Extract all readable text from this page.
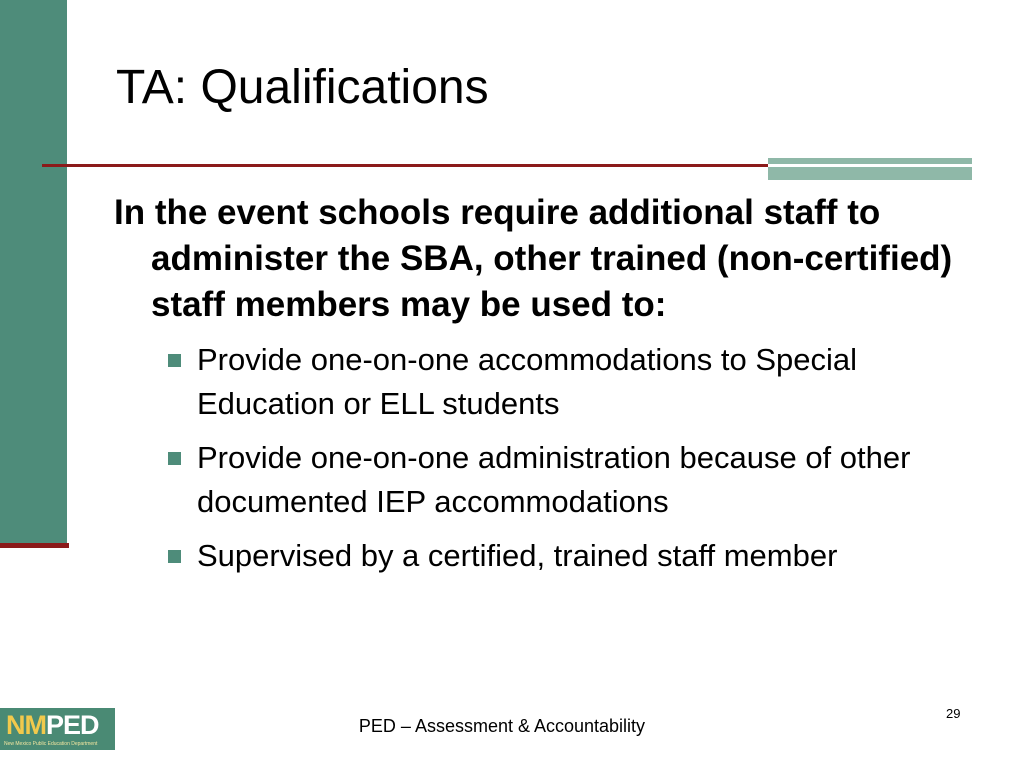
TA: Qualifications

In the event schools require additional staff to administer the SBA, other trained (non-certified) staff members may be used to:

Provide one-on-one accommodations to Special Education or ELL students
Provide one-on-one administration because of other documented IEP accommodations
Supervised by a certified, trained staff member
NMPED
New Mexico Public Education Department
PED – Assessment & Accountability
29
